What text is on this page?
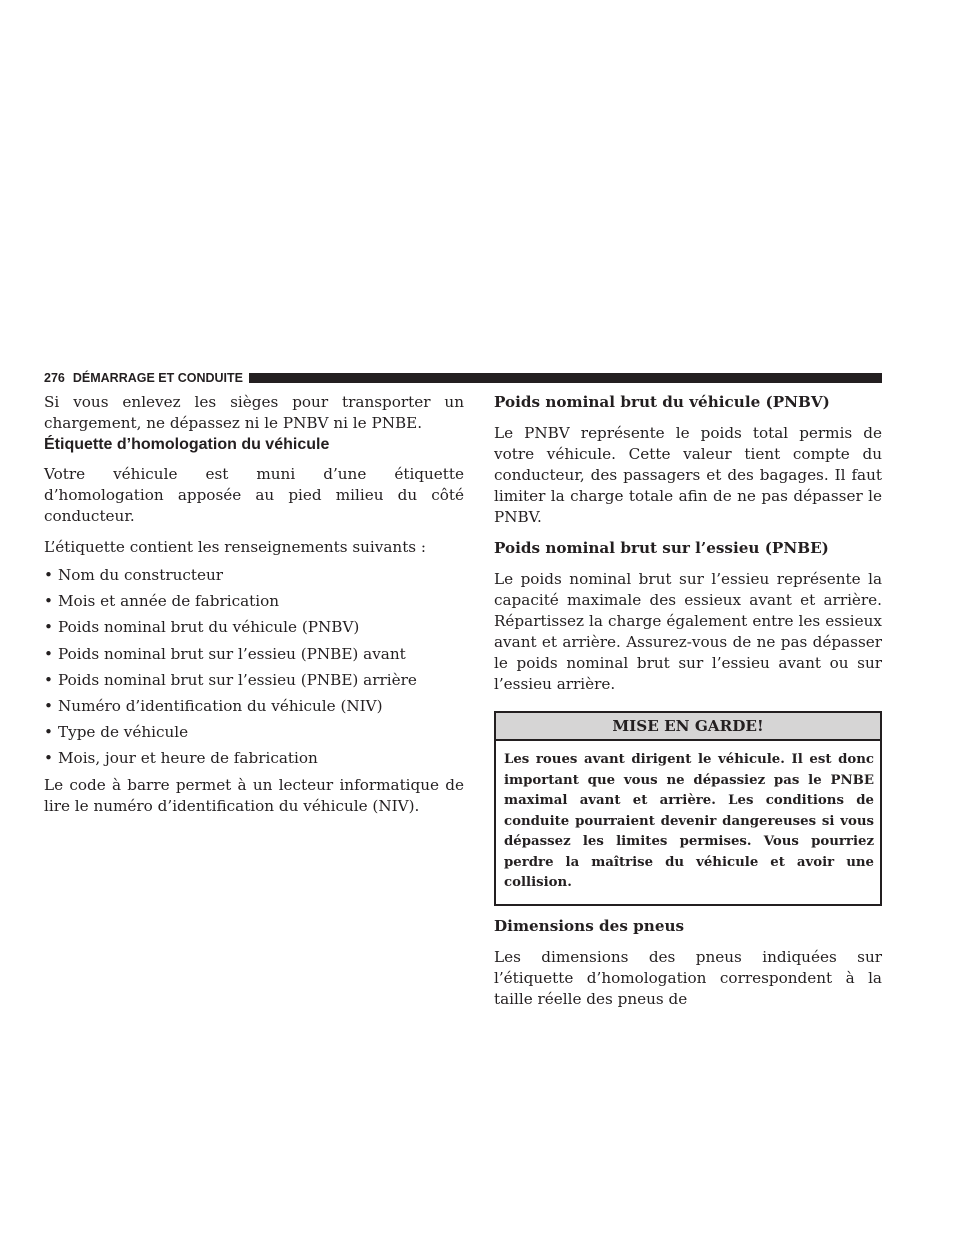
276 DÉMARRAGE ET CONDUITE

Si vous enlevez les sièges pour transporter un chargement, ne dépassez ni le PNBV ni le PNBE.

Étiquette d’homologation du véhicule

Votre véhicule est muni d’une étiquette d’homologation apposée au pied milieu du côté conducteur.

L’étiquette contient les renseignements suivants :

• Nom du constructeur
• Mois et année de fabrication
• Poids nominal brut du véhicule (PNBV)
• Poids nominal brut sur l’essieu (PNBE) avant
• Poids nominal brut sur l’essieu (PNBE) arrière
• Numéro d’identification du véhicule (NIV)
• Type de véhicule
• Mois, jour et heure de fabrication

Le code à barre permet à un lecteur informatique de lire le numéro d’identification du véhicule (NIV).

Poids nominal brut du véhicule (PNBV)

Le PNBV représente le poids total permis de votre véhicule. Cette valeur tient compte du conducteur, des passagers et des bagages. Il faut limiter la charge totale afin de ne pas dépasser le PNBV.

Poids nominal brut sur l’essieu (PNBE)

Le poids nominal brut sur l’essieu représente la capacité maximale des essieux avant et arrière. Répartissez la charge également entre les essieux avant et arrière. Assurez-vous de ne pas dépasser le poids nominal brut sur l’essieu avant ou sur l’essieu arrière.

MISE EN GARDE!
Les roues avant dirigent le véhicule. Il est donc important que vous ne dépassiez pas le PNBE maximal avant et arrière. Les conditions de conduite pourraient devenir dangereuses si vous dépassez les limites permises. Vous pourriez perdre la maîtrise du véhicule et avoir une collision.
Dimensions des pneus

Les dimensions des pneus indiquées sur l’étiquette d’homologation correspondent à la taille réelle des pneus de
